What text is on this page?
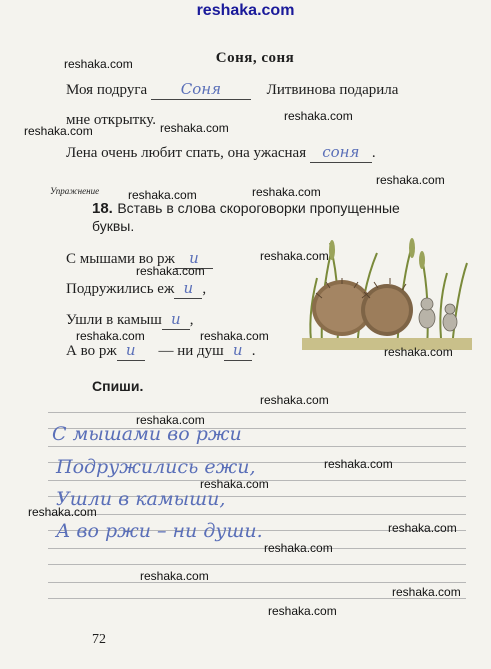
reshaka.com
Соня, соня
Моя подруга Соня	Литвинова подарила
мне открытку.
Лена очень любит спать, она ужасная соня .
Упражнение
18. Вставь в слова скороговорки пропущенные
буквы.
С мышами во рж и
Подружились еж и ,
Ушли в камыш и ,
А во рж и — ни душ и .
Спиши.
С мышами во ржи
Подружились ежи,
Ушли в камыши,
А во ржи – ни души.
reshaka.com
reshaka.com	reshaka.com
reshaka.com
reshaka.com
reshaka.com	reshaka.com
reshaka.com
reshaka.com
reshaka.com	reshaka.com
reshaka.com
reshaka.com
reshaka.com
reshaka.com
reshaka.com
reshaka.com
reshaka.com
reshaka.com
reshaka.com
reshaka.com
reshaka.com
72
